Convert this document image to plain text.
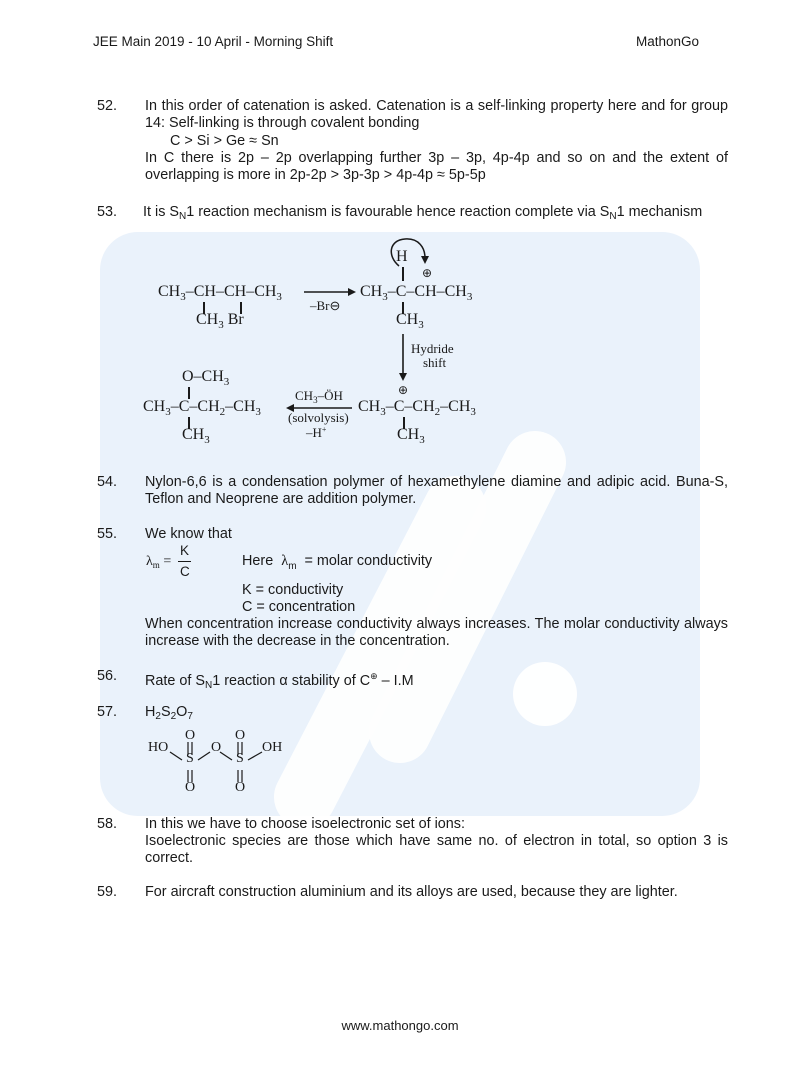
JEE Main 2019 - 10 April - Morning Shift	MathonGo
52.	In this order of catenation is asked. Catenation is a self-linking property here and for group 14: Self-linking is through covalent bonding
C > Si > Ge ≈ Sn
In C there is 2p – 2p overlapping further 3p – 3p, 4p-4p and so on and the extent of overlapping is more in 2p-2p > 3p-3p > 4p-4p ≈ 5p-5p
53.	It is $S_N1$ reaction mechanism is favourable hence reaction complete via $S_N1$ mechanism
$CH_3-CH-CH-CH_3$
$CH_3$ Br
–Br⊖
$CH_3-C-CH-CH_3$
H
⊕
$CH_3$
Hydride
shift
⊕
$CH_3-C-CH_2-CH_3$
$CH_3$
$CH_3-ÖH$
(solvolysis)
–H+
$O-CH_3$
$CH_3-C-CH_2-CH_3$
$CH_3$
54.	Nylon-6,6 is a condensation polymer of hexamethylene diamine and adipic acid. Buna-S, Teflon and Neoprene are addition polymer.
55.	We know that
$\lambda_m$ =
K
C
Here $\lambda_m$ = molar conductivity
K = conductivity
C = concentration
When concentration increase conductivity always increases. The molar conductivity always increase with the decrease in the concentration.
56.	Rate of $S_N1$ reaction α stability of C⊕ – I.M
57.	$H_2S_2O_7$
HO
O
S
O
O
O
S
O
OH
58.	In this we have to choose isoelectronic set of ions:
Isoelectronic species are those which have same no. of electron in total, so option 3 is correct.
59.	For aircraft construction aluminium and its alloys are used, because they are lighter.
www.mathongo.com
